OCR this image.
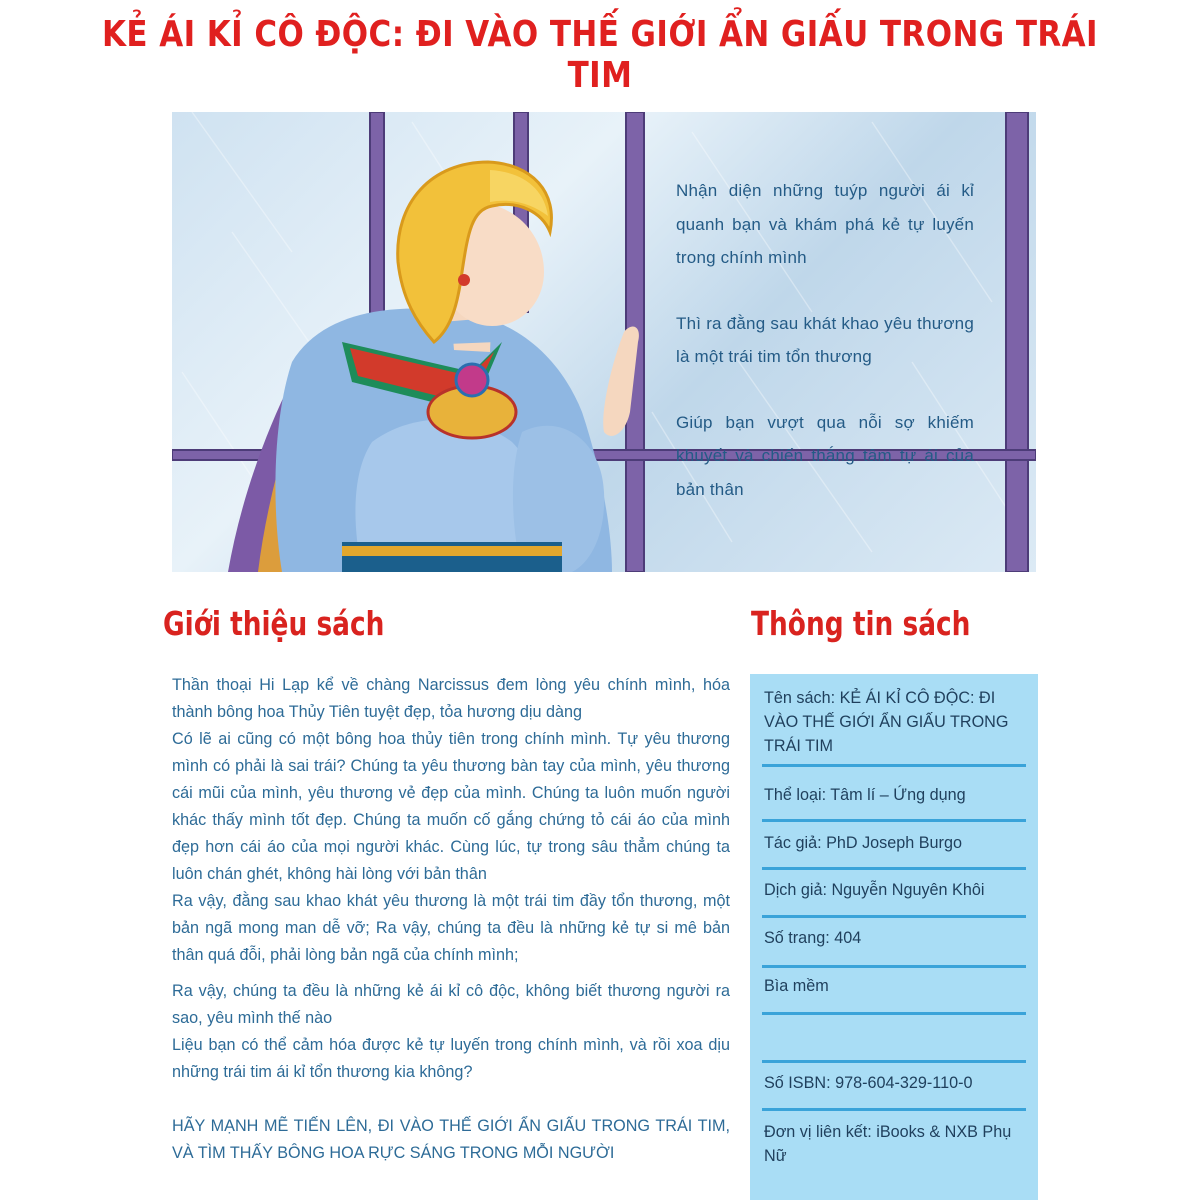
KẺ ÁI KỈ CÔ ĐỘC: ĐI VÀO THẾ GIỚI ẨN GIẤU TRONG TRÁI TIM

Nhận diện những tuýp người ái kỉ quanh bạn và khám phá kẻ tự luyến trong chính mình

Thì ra đằng sau khát khao yêu thương là một trái tim tổn thương

Giúp bạn vượt qua nỗi sợ khiếm khuyết và chiến thắng tâm tự ái của bản thân

Giới thiệu sách	Thông tin sách

Thần thoại Hi Lạp kể về chàng Narcissus đem lòng yêu chính mình, hóa thành bông hoa Thủy Tiên tuyệt đẹp, tỏa hương dịu dàng

Có lẽ ai cũng có một bông hoa thủy tiên trong chính mình. Tự yêu thương mình có phải là sai trái? Chúng ta yêu thương bàn tay của mình, yêu thương cái mũi của mình, yêu thương vẻ đẹp của mình. Chúng ta luôn muốn người khác thấy mình tốt đẹp. Chúng ta muốn cố gắng chứng tỏ cái áo của mình đẹp hơn cái áo của mọi người khác. Cùng lúc, tự trong sâu thẳm chúng ta luôn chán ghét, không hài lòng với bản thân

Ra vậy, đằng sau khao khát yêu thương là một trái tim đầy tổn thương, một bản ngã mong man dễ vỡ; Ra vậy, chúng ta đều là những kẻ tự si mê bản thân quá đỗi, phải lòng bản ngã của chính mình;

Ra vậy, chúng ta đều là những kẻ ái kỉ cô độc, không biết thương người ra sao, yêu mình thế nào

Liệu bạn có thể cảm hóa được kẻ tự luyến trong chính mình, và rồi xoa dịu những trái tim ái kỉ tổn thương kia không?

HÃY MẠNH MẼ TIẾN LÊN, ĐI VÀO THẾ GIỚI ẨN GIẤU TRONG TRÁI TIM, VÀ TÌM THẤY BÔNG HOA RỰC SÁNG TRONG MỖI NGƯỜI

Tên sách: KẺ ÁI KỈ CÔ ĐỘC: ĐI VÀO THẾ GIỚI ẨN GIẤU TRONG TRÁI TIM
Thể loại: Tâm lí – Ứng dụng
Tác giả: PhD Joseph Burgo
Dịch giả: Nguyễn Nguyên Khôi
Số trang: 404
Bìa mềm
Số ISBN: 978-604-329-110-0
Đơn vị liên kết: iBooks & NXB Phụ Nữ
